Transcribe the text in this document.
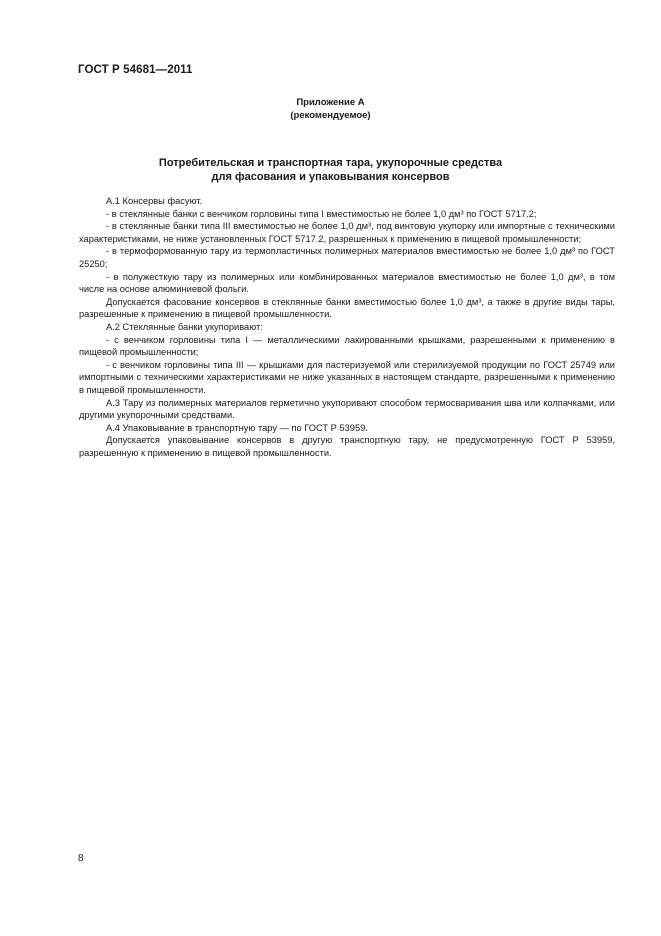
ГОСТ Р 54681—2011
Приложение А
(рекомендуемое)
Потребительская и транспортная тара, укупорочные средства
для фасования и упаковывания консервов

А.1 Консервы фасуют.

- в стеклянные банки с венчиком горловины типа I вместимостью не более 1,0 дм³ по ГОСТ 5717.2;

- в стеклянные банки типа III вместимостью не более 1,0 дм³, под винтовую укупорку или импортные с техническими характеристиками, не ниже установленных ГОСТ 5717.2, разрешенных к применению в пищевой промышленности;

- в термоформованную тару из термопластичных полимерных материалов вместимостью не более 1,0 дм³ по ГОСТ 25250;

- в полужесткую тару из полимерных или комбинированных материалов вместимостью не более 1,0 дм³, в том числе на основе алюминиевой фольги.

Допускается фасование консервов в стеклянные банки вместимостью более 1,0 дм³, а также в другие виды тары, разрешенные к применению в пищевой промышленности.

А.2 Стеклянные банки укупоривают:

- с венчиком горловины типа I — металлическими лакированными крышками, разрешенными к применению в пищевой промышленности;

- с венчиком горловины типа III — крышками для пастеризуемой или стерилизуемой продукции по ГОСТ 25749 или импортными с техническими характеристиками не ниже указанных в настоящем стандарте, разрешенными к применению в пищевой промышленности.

А.3 Тару из полимерных материалов герметично укупоривают способом термосваривания шва или колпачками, или другими укупорочными средствами.

А.4 Упаковывание в транспортную тару — по ГОСТ Р 53959.

Допускается упаковывание консервов в другую транспортную тару, не предусмотренную ГОСТ Р 53959, разрешенную к применению в пищевой промышленности.

8
